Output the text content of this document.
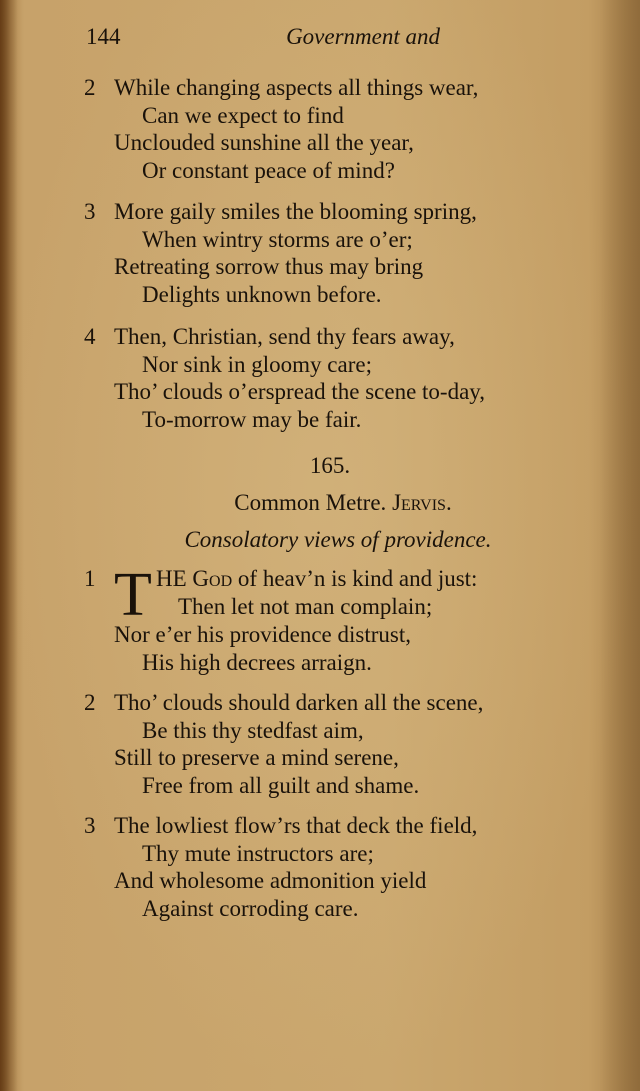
144	Government and
2 While changing aspects all things wear,
Can we expect to find
Unclouded sunshine all the year,
Or constant peace of mind?
3 More gaily smiles the blooming spring,
When wintry storms are o’er;
Retreating sorrow thus may bring
Delights unknown before.
4 Then, Christian, send thy fears away,
Nor sink in gloomy care;
Tho’ clouds o’erspread the scene to-day,
To-morrow may be fair.
165.
Common Metre. Jervis.
Consolatory views of providence.
1 T HE God of heav’n is kind and just:
Then let not man complain;
Nor e’er his providence distrust,
His high decrees arraign.
2 Tho’ clouds should darken all the scene,
Be this thy stedfast aim,
Still to preserve a mind serene,
Free from all guilt and shame.
3 The lowliest flow’rs that deck the field,
Thy mute instructors are;
And wholesome admonition yield
Against corroding care.
